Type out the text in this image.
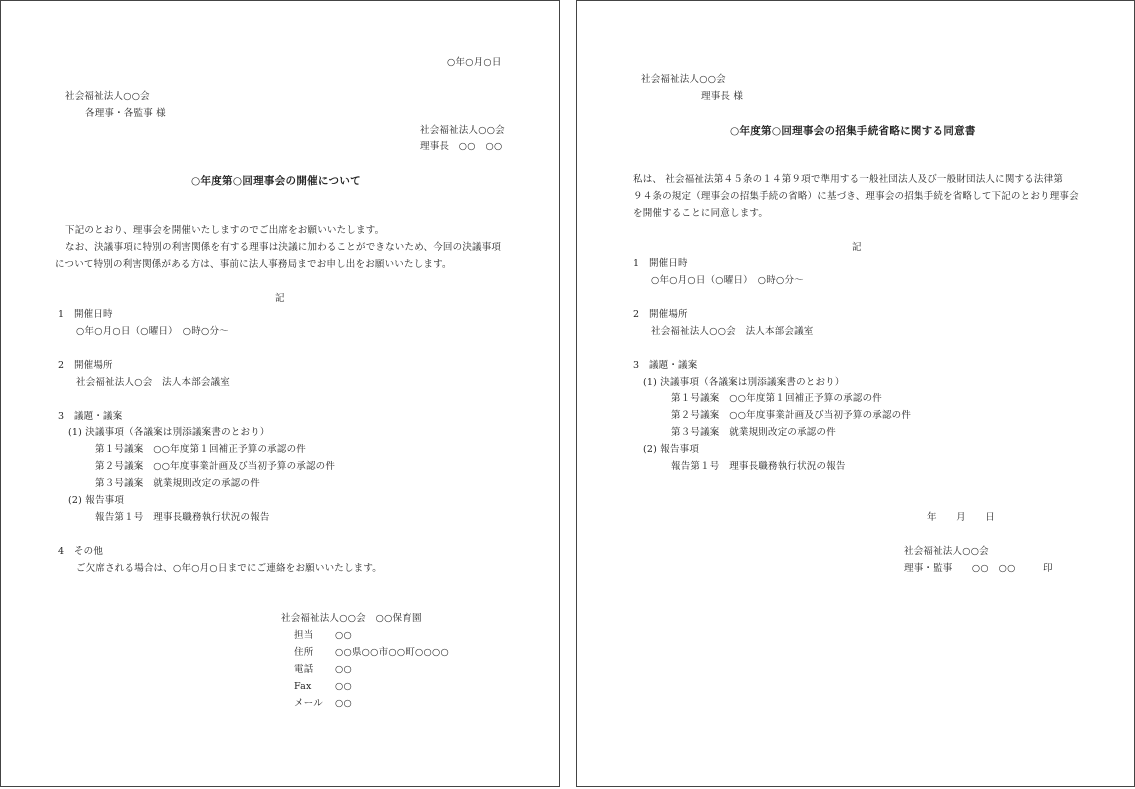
○年○月○日
社会福祉法人○○会
各理事・各監事 様
社会福祉法人○○会
理事長　○○　○○
○年度第○回理事会の開催について
下記のとおり、理事会を開催いたしますのでご出席をお願いいたします。
なお、決議事項に特別の利害関係を有する理事は決議に加わることができないため、今回の決議事項
について特別の利害関係がある方は、事前に法人事務局までお申し出をお願いいたします。
記
1　開催日時
○年○月○日（○曜日）　○時○分～
2　開催場所
社会福祉法人○会　法人本部会議室
3　議題・議案
(1) 決議事項（各議案は別添議案書のとおり）
第１号議案　○○年度第１回補正予算の承認の件
第２号議案　○○年度事業計画及び当初予算の承認の件
第３号議案　就業規則改定の承認の件
(2) 報告事項
報告第１号　理事長職務執行状況の報告
4　その他
ご欠席される場合は、○年○月○日までにご連絡をお願いいたします。
社会福祉法人○○会　○○保育園
担当 ○○
住所 ○○県○○市○○町○○○○
電話 ○○
Fax ○○
メール ○○
社会福祉法人○○会
理事長 様
○年度第○回理事会の招集手続省略に関する同意書
私は、 社会福祉法第４５条の１４第９項で準用する一般社団法人及び一般財団法人に関する法律第
９４条の規定（理事会の招集手続の省略）に基づき、理事会の招集手続を省略して下記のとおり理事会
を開催することに同意します。
記
1　開催日時
○年○月○日（○曜日）　○時○分～
2　開催場所
社会福祉法人○○会　法人本部会議室
3　議題・議案
(1) 決議事項（各議案は別添議案書のとおり）
第１号議案　○○年度第１回補正予算の承認の件
第２号議案　○○年度事業計画及び当初予算の承認の件
第３号議案　就業規則改定の承認の件
(2) 報告事項
報告第１号　理事長職務執行状況の報告
年　　月　　日
社会福祉法人○○会
理事・監事　　○○　○○	印
